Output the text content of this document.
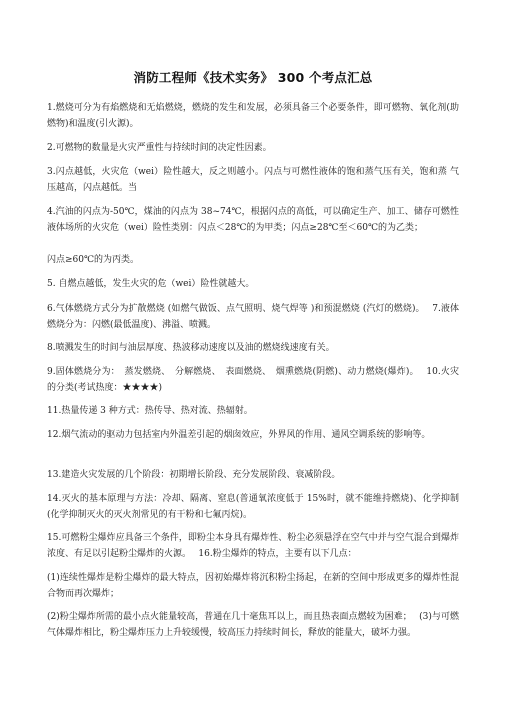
消防工程师《技术实务》 300 个考点汇总

1.燃烧可分为有焰燃烧和无焰燃烧，燃烧的发生和发展，必须具备三个必要条件，即可燃物、氧化剂(助燃物)和温度(引火源)。

2.可燃物的数量是火灾严重性与持续时间的决定性因素。

3.闪点越低，火灾危（wei）险性越大，反之则越小。闪点与可燃性液体的饱和蒸气压有关，饱和蒸 气压越高，闪点越低。当

4.汽油的闪点为-50℃，煤油的闪点为 38~74℃，根据闪点的高低，可以确定生产、加工、储存可燃性液体场所的火灾危（wei）险性类别：闪点＜28℃的为甲类；闪点≥28℃至＜60℃的为乙类；

闪点≥60℃的为丙类。

5. 自燃点越低，发生火灾的危（wei）险性就越大。

6.气体燃烧方式分为扩散燃烧 (如燃气做饭、点气照明、烧气焊等 )和预混燃烧 (汽灯的燃烧)。　 7.液体燃烧分为：闪燃(最低温度)、沸溢、喷溅。

8.喷溅发生的时间与油层厚度、热波移动速度以及油的燃烧线速度有关。

9.固体燃烧分为：　蒸发燃烧、　分解燃烧、　表面燃烧、　烟熏燃烧(阴燃)、动力燃烧(爆炸)。　 10.火灾的分类(考试热度：★★★★)

11.热量传递 3 种方式：热传导、热对流、热辐射。

12.烟气流动的驱动力包括室内外温差引起的烟囱效应，外界风的作用、通风空调系统的影响等。

13.建造火灾发展的几个阶段：初期增长阶段、充分发展阶段、衰减阶段。

14.灭火的基本原理与方法：冷却、隔离、窒息(普通氧浓度低于 15%时，就不能维持燃烧)、化学抑制(化学抑制灭火的灭火剂常见的有干粉和七氟丙烷)。

15.可燃粉尘爆炸应具备三个条件，即粉尘本身具有爆炸性、粉尘必须悬浮在空气中并与空气混合到爆炸浓度、有足以引起粉尘爆炸的火源。　 16.粉尘爆炸的特点，主要有以下几点：

(1)连续性爆炸是粉尘爆炸的最大特点，因初始爆炸将沉积粉尘扬起，在新的空间中形成更多的爆炸性混合物而再次爆炸；

(2)粉尘爆炸所需的最小点火能量较高，普通在几十毫焦耳以上，而且热表面点燃较为困难；　 (3)与可燃气体爆炸相比，粉尘爆炸压力上升较缓慢，较高压力持续时间长，释放的能量大，破坏力强。
